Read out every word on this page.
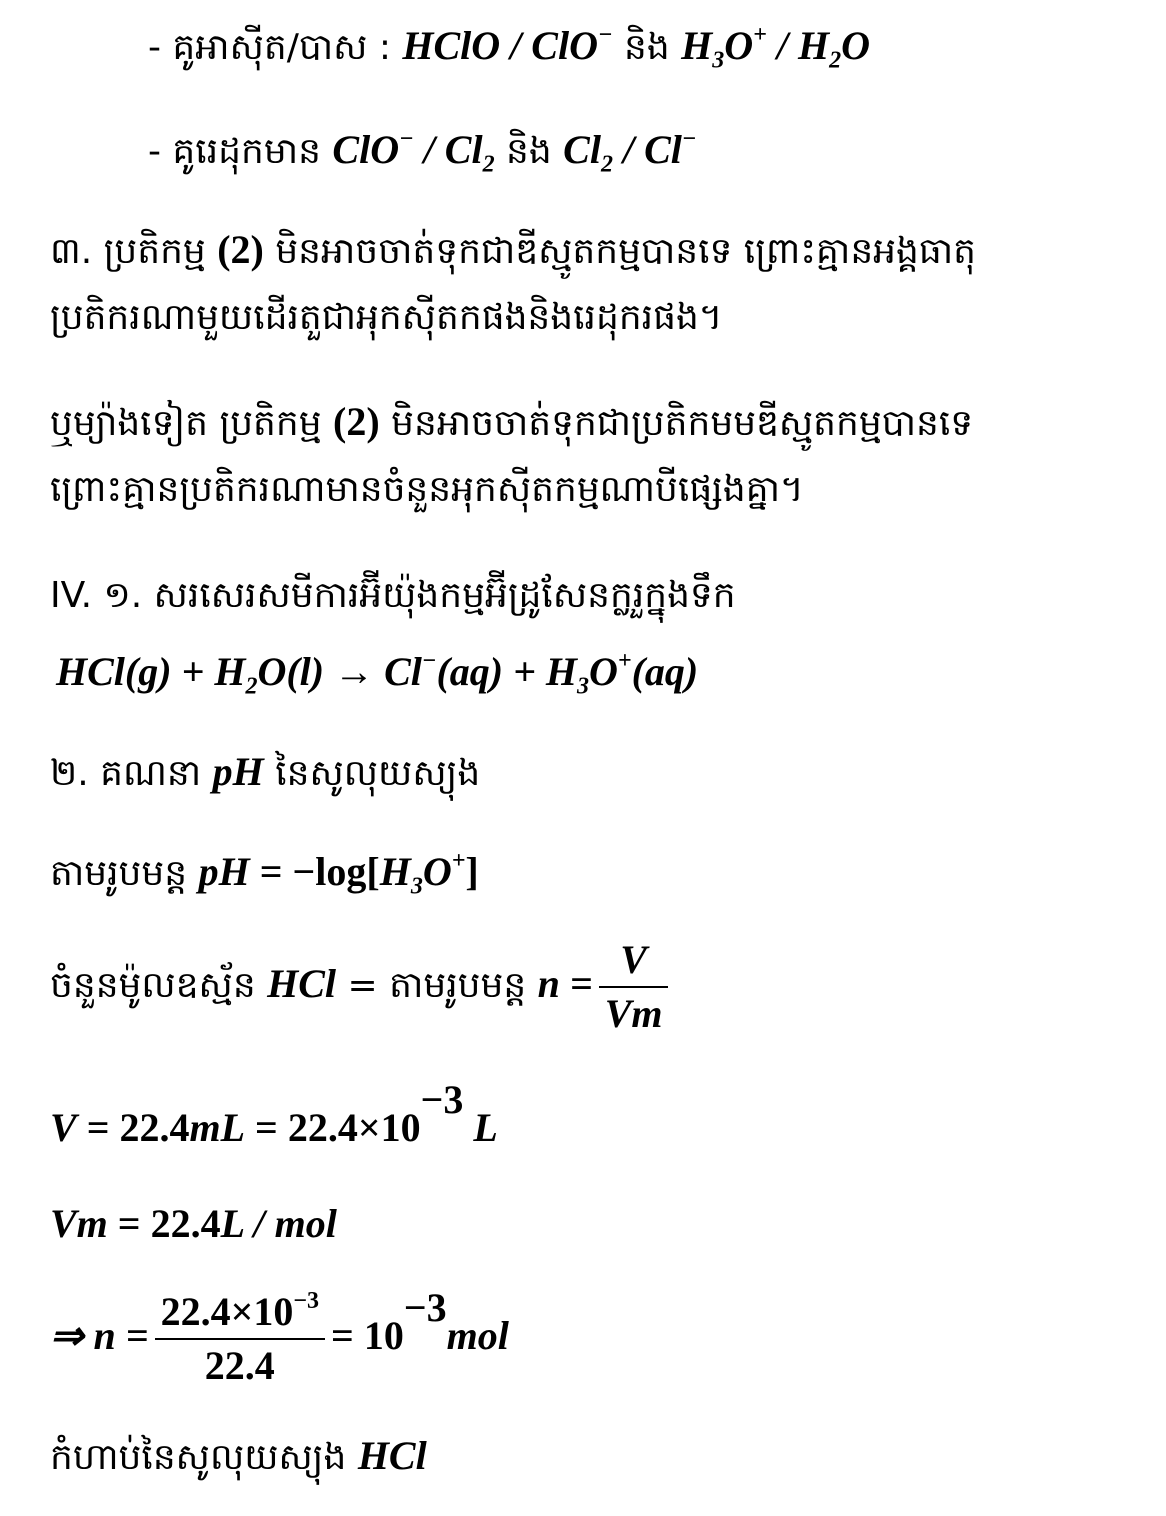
- គូអាស៊ីត/បាស : HClO / ClO− និង $H_3O^+ / H_2O$
- គូរេដុកមាន $ClO^- / Cl_2$ និង $Cl_2 / Cl^-$
៣. ប្រតិកម្ម (2) មិនអាចចាត់ទុកជាឌីស្មូតកម្មបានទេ ព្រោះគ្មានអង្គធាតុ
ប្រតិករណាមួយដើរតួជាអុកស៊ីតកផងនិងរេដុករផង។
ឬម្យ៉ាងទៀត ប្រតិកម្ម (2) មិនអាចចាត់ទុកជាប្រតិកមមឌីស្មូតកម្មបានទេ
ព្រោះគ្មានប្រតិករណាមានចំនួនអុកស៊ីតកម្មណាបីផ្សេងគ្នា។
IV. ១. សរសេរសមីការអ៊ីយ៉ុងកម្មអ៊ីដ្រូសែនក្លរួក្នុងទឹក
$HCl(g) + H_2O(l) \to Cl^-(aq) + H_3O^+(aq)$
២. គណនា pH នៃសូលុយស្យុង
តាមរូបមន្ត pH = $-\log[H_3O^+]$
ចំនួនម៉ូលឧស្ម័ន HCl = តាមរូបមន្ត $n = \frac{V}{Vm}$
$V = 22.4mL = 22.4\times 10^{-3}$ L
Vm = 22.4L / mol
⇒ $n = \frac{22.4\times 10^{-3}}{22.4} = 10^{-3}mol$
កំហាប់នៃសូលុយស្យុង HCl
